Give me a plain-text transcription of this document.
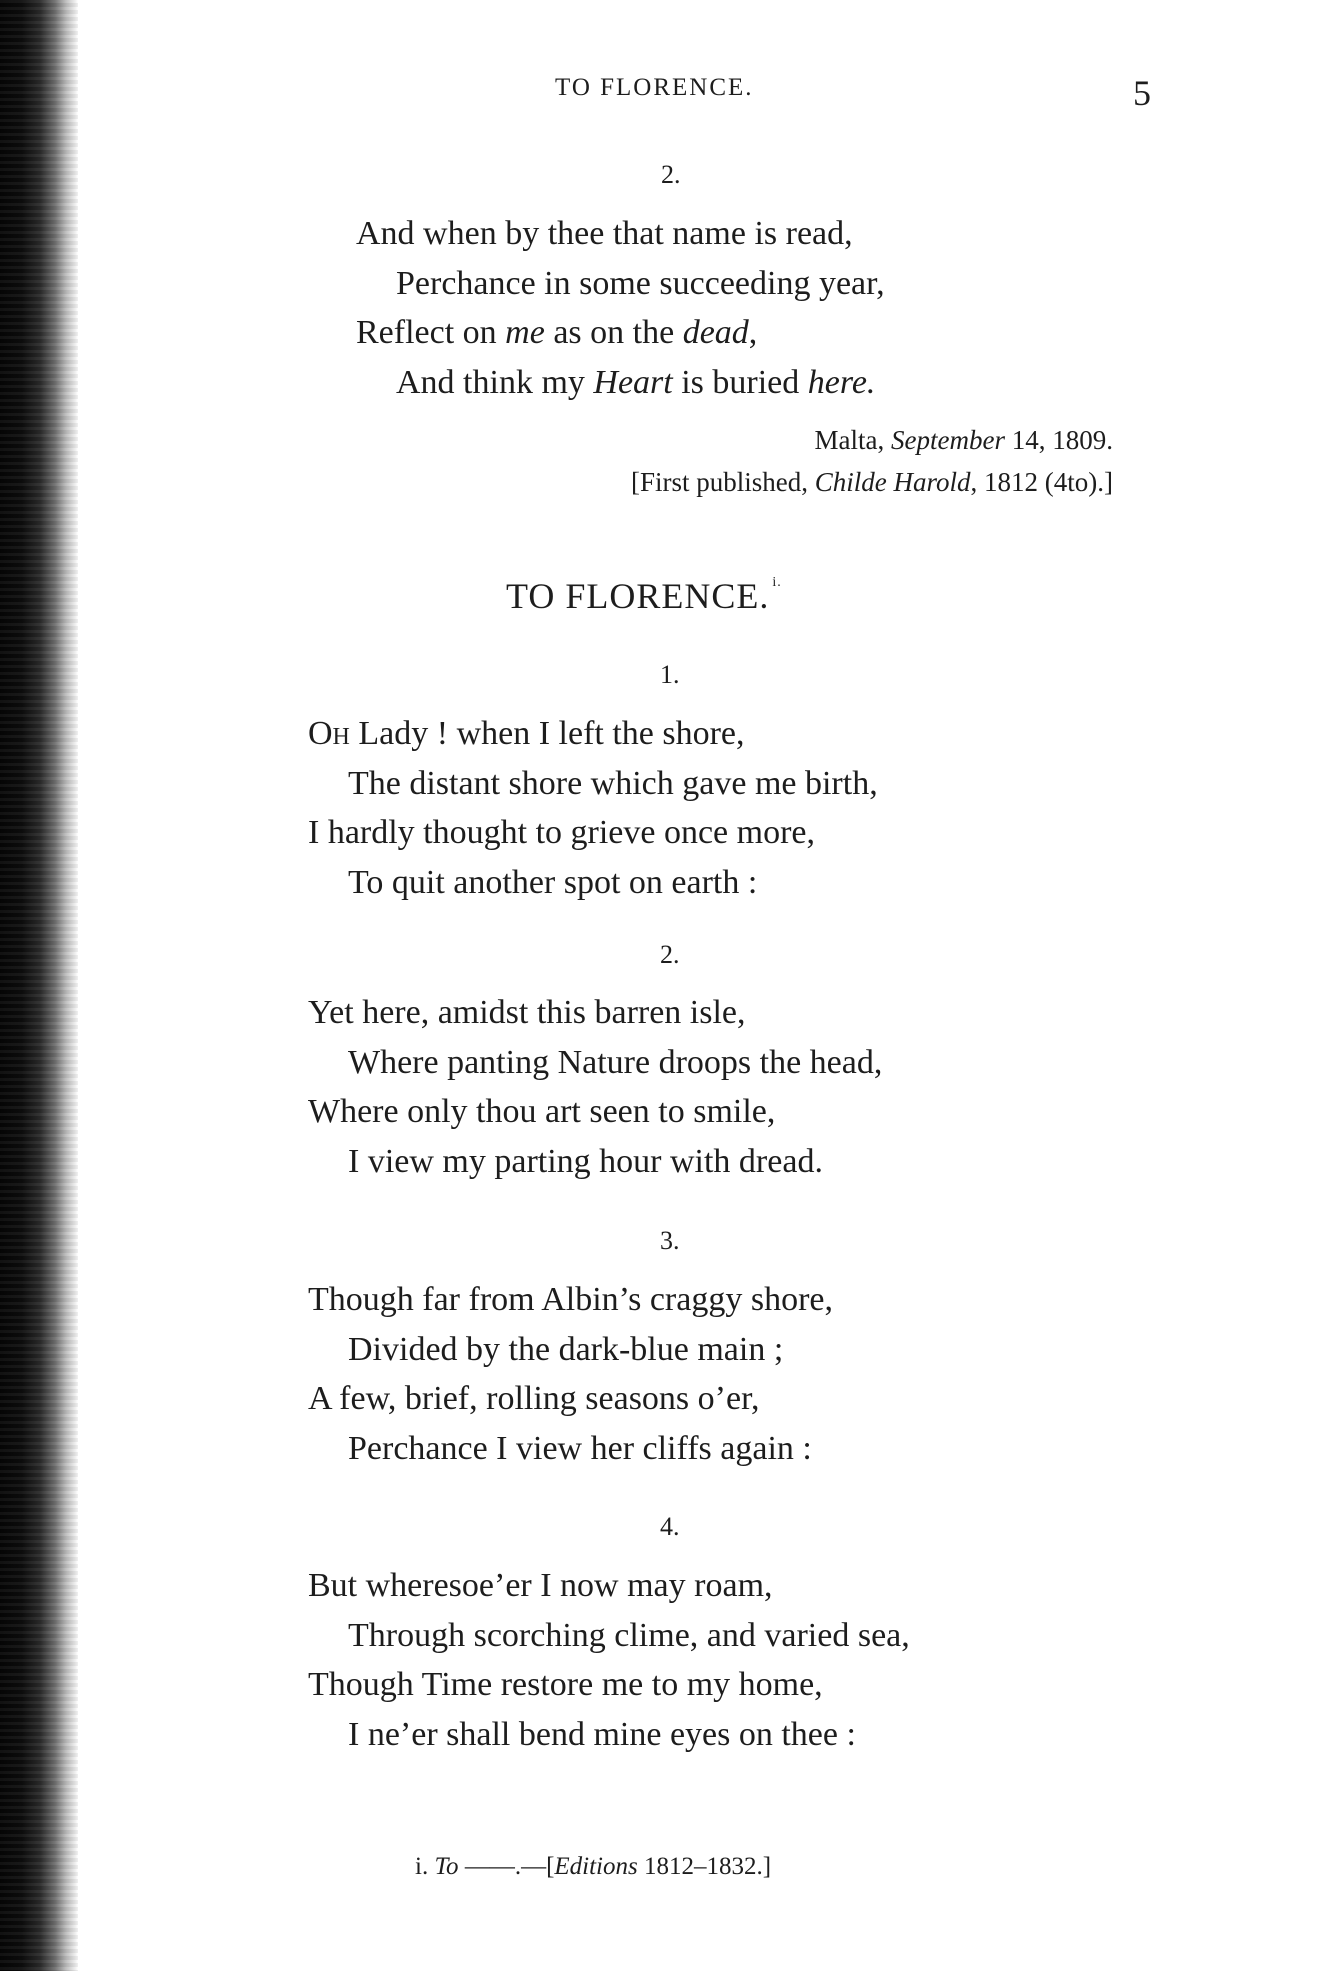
TO FLORENCE.	5
2.
And when by thee that name is read,
Perchance in some succeeding year,
Reflect on me as on the dead,
And think my Heart is buried here.
Malta, September 14, 1809.
[First published, Childe Harold, 1812 (4to).]
TO FLORENCE. $^{i.}$
1.
Oh Lady ! when I left the shore,
The distant shore which gave me birth,
I hardly thought to grieve once more,
To quit another spot on earth :
2.
Yet here, amidst this barren isle,
Where panting Nature droops the head,
Where only thou art seen to smile,
I view my parting hour with dread.
3.
Though far from Albin’s craggy shore,
Divided by the dark-blue main ;
A few, brief, rolling seasons o’er,
Perchance I view her cliffs again :
4.
But wheresoe’er I now may roam,
Through scorching clime, and varied sea,
Though Time restore me to my home,
I ne’er shall bend mine eyes on thee :
i. To ——.—[Editions 1812–1832.]
